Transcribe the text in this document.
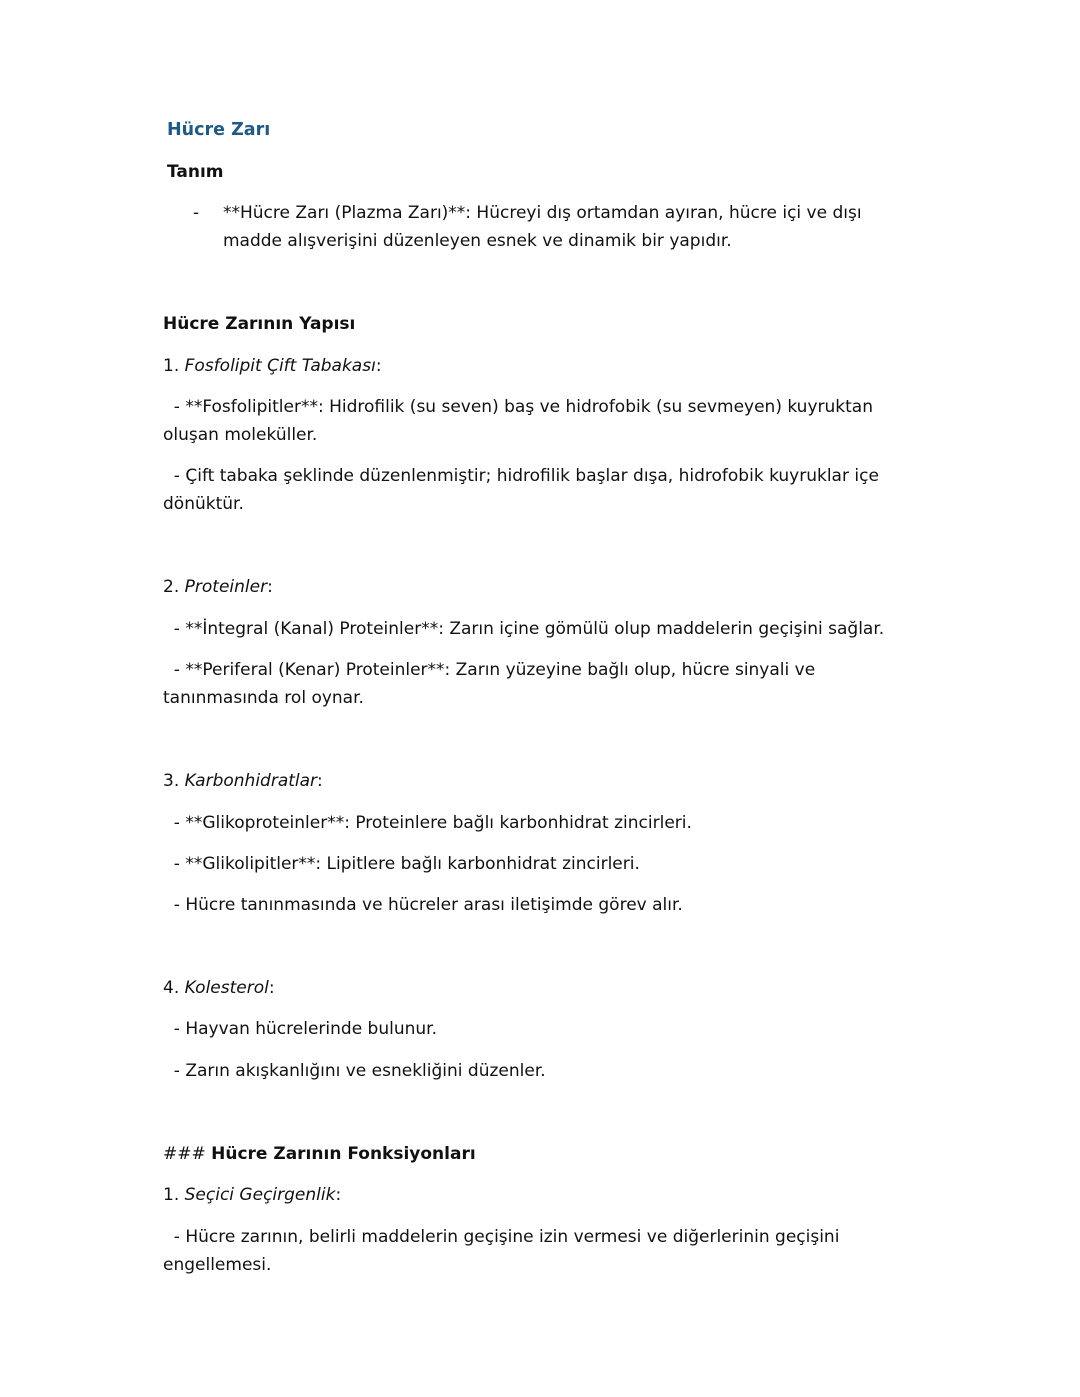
Hücre Zarı
Tanım
- **Hücre Zarı (Plazma Zarı)**: Hücreyi dış ortamdan ayıran, hücre içi ve dışı
madde alışverişini düzenleyen esnek ve dinamik bir yapıdır.
Hücre Zarının Yapısı
1. Fosfolipit Çift Tabakası:
- **Fosfolipitler**: Hidrofilik (su seven) baş ve hidrofobik (su sevmeyen) kuyruktan
oluşan moleküller.
- Çift tabaka şeklinde düzenlenmiştir; hidrofilik başlar dışa, hidrofobik kuyruklar içe
dönüktür.
2. Proteinler:
- **İntegral (Kanal) Proteinler**: Zarın içine gömülü olup maddelerin geçişini sağlar.
- **Periferal (Kenar) Proteinler**: Zarın yüzeyine bağlı olup, hücre sinyali ve
tanınmasında rol oynar.
3. Karbonhidratlar:
- **Glikoproteinler**: Proteinlere bağlı karbonhidrat zincirleri.
- **Glikolipitler**: Lipitlere bağlı karbonhidrat zincirleri.
- Hücre tanınmasında ve hücreler arası iletişimde görev alır.
4. Kolesterol:
- Hayvan hücrelerinde bulunur.
- Zarın akışkanlığını ve esnekliğini düzenler.
### Hücre Zarının Fonksiyonları
1. Seçici Geçirgenlik:
- Hücre zarının, belirli maddelerin geçişine izin vermesi ve diğerlerinin geçişini
engellemesi.
